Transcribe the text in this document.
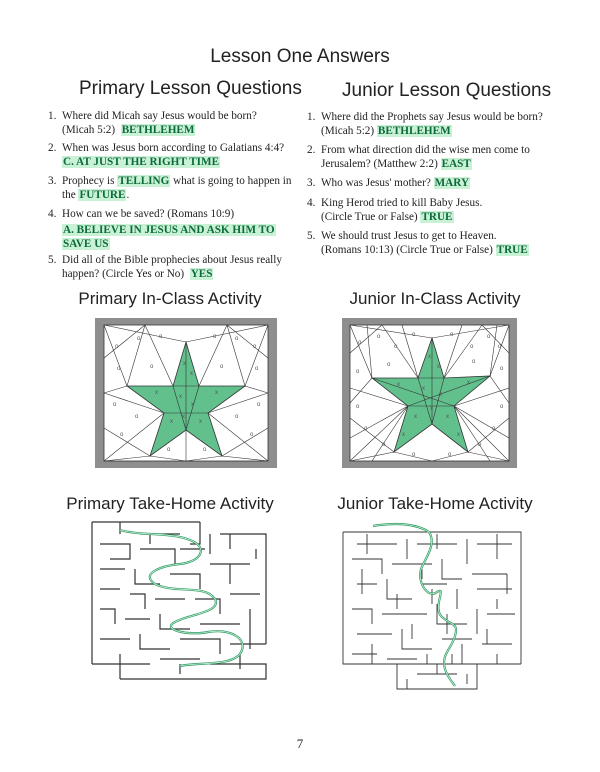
Lesson One Answers
Primary Lesson Questions
1. Where did Micah say Jesus would be born?
(Micah 5:2) BETHLEHEM
2. When was Jesus born according to Galatians 4:4?
C. AT JUST THE RIGHT TIME
3. Prophecy is TELLING what is going to happen in
the FUTURE.
4. How can we be saved? (Romans 10:9)
A. BELIEVE IN JESUS AND ASK HIM TO
SAVE US
5. Did all of the Bible prophecies about Jesus really
happen? (Circle Yes or No) YES
Junior Lesson Questions
1. Where did the Prophets say Jesus would be born?
(Micah 5:2) BETHLEHEM
2. From what direction did the wise men come to
Jerusalem? (Matthew 2:2) EAST
3. Who was Jesus' mother? MARY
4. King Herod tried to kill Baby Jesus.
(Circle True or False) TRUE
5. We should trust Jesus to get to Heaven.
(Romans 10:13) (Circle True or False) TRUE
Primary In-Class Activity	Junior In-Class Activity
Primary Take-Home Activity	Junior Take-Home Activity
o
o	o	o	o
o
o	o
o	o
o	o
o	o
o	o
o	o
x
x
x	x
x
x
x	x
x
o
o
o
o	o
o
o
o
o	o
o	o
o	o
o	o
o	o
o	o
x
x
x	x
x
x
x	x
x
x	x
7
